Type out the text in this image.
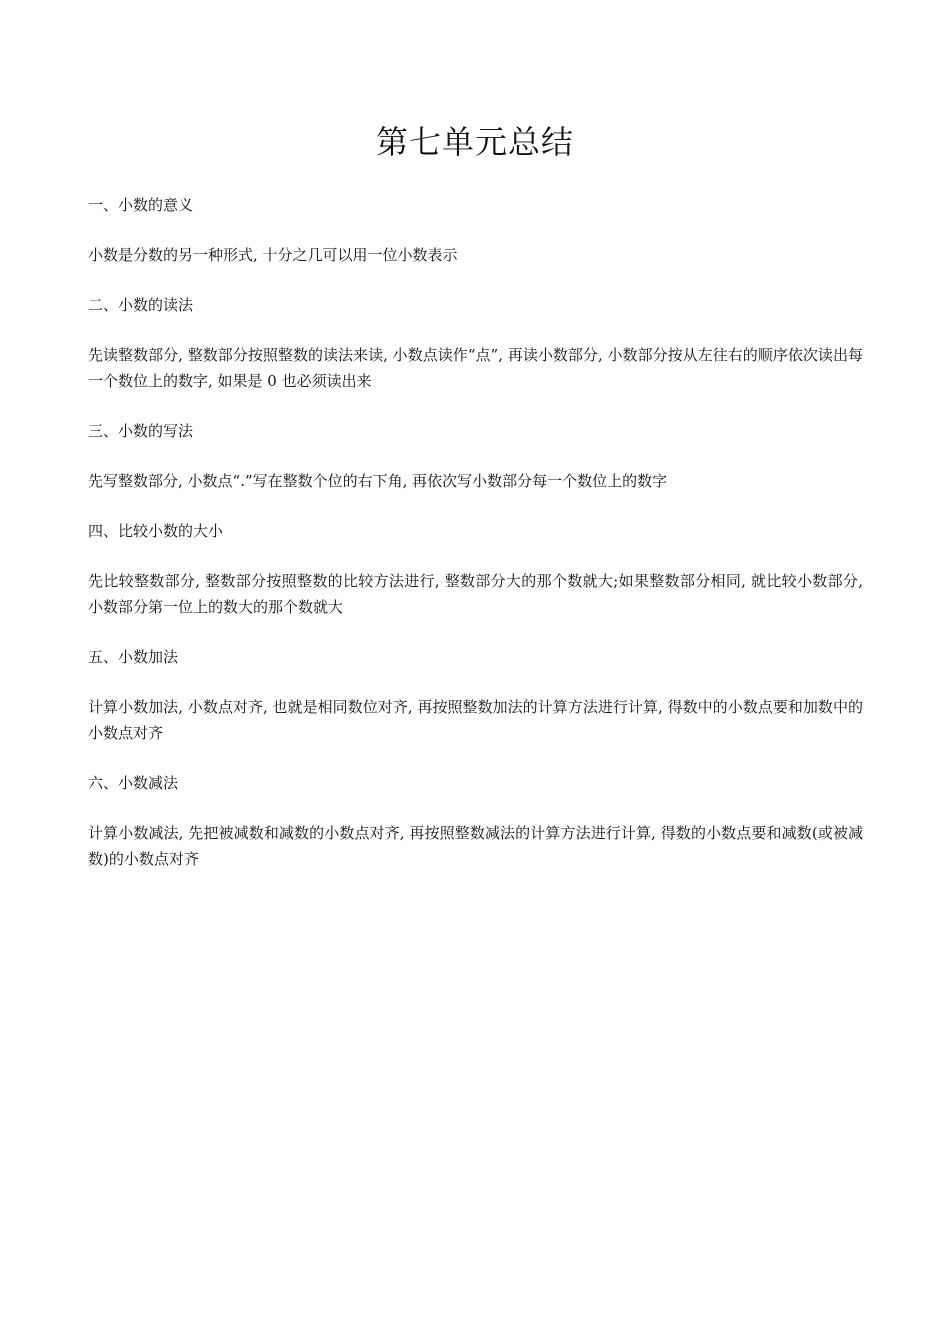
第七单元总结

一、小数的意义

小数是分数的另一种形式, 十分之几可以用一位小数表示

二、小数的读法

先读整数部分, 整数部分按照整数的读法来读, 小数点读作“点”, 再读小数部分, 小数部分按从左往右的顺序依次读出每一个数位上的数字, 如果是 0 也必须读出来

三、小数的写法

先写整数部分, 小数点“.”写在整数个位的右下角, 再依次写小数部分每一个数位上的数字

四、比较小数的大小

先比较整数部分, 整数部分按照整数的比较方法进行, 整数部分大的那个数就大;如果整数部分相同, 就比较小数部分, 小数部分第一位上的数大的那个数就大

五、小数加法

计算小数加法, 小数点对齐, 也就是相同数位对齐, 再按照整数加法的计算方法进行计算, 得数中的小数点要和加数中的小数点对齐

六、小数减法

计算小数减法, 先把被减数和减数的小数点对齐, 再按照整数减法的计算方法进行计算, 得数的小数点要和减数(或被减数)的小数点对齐
